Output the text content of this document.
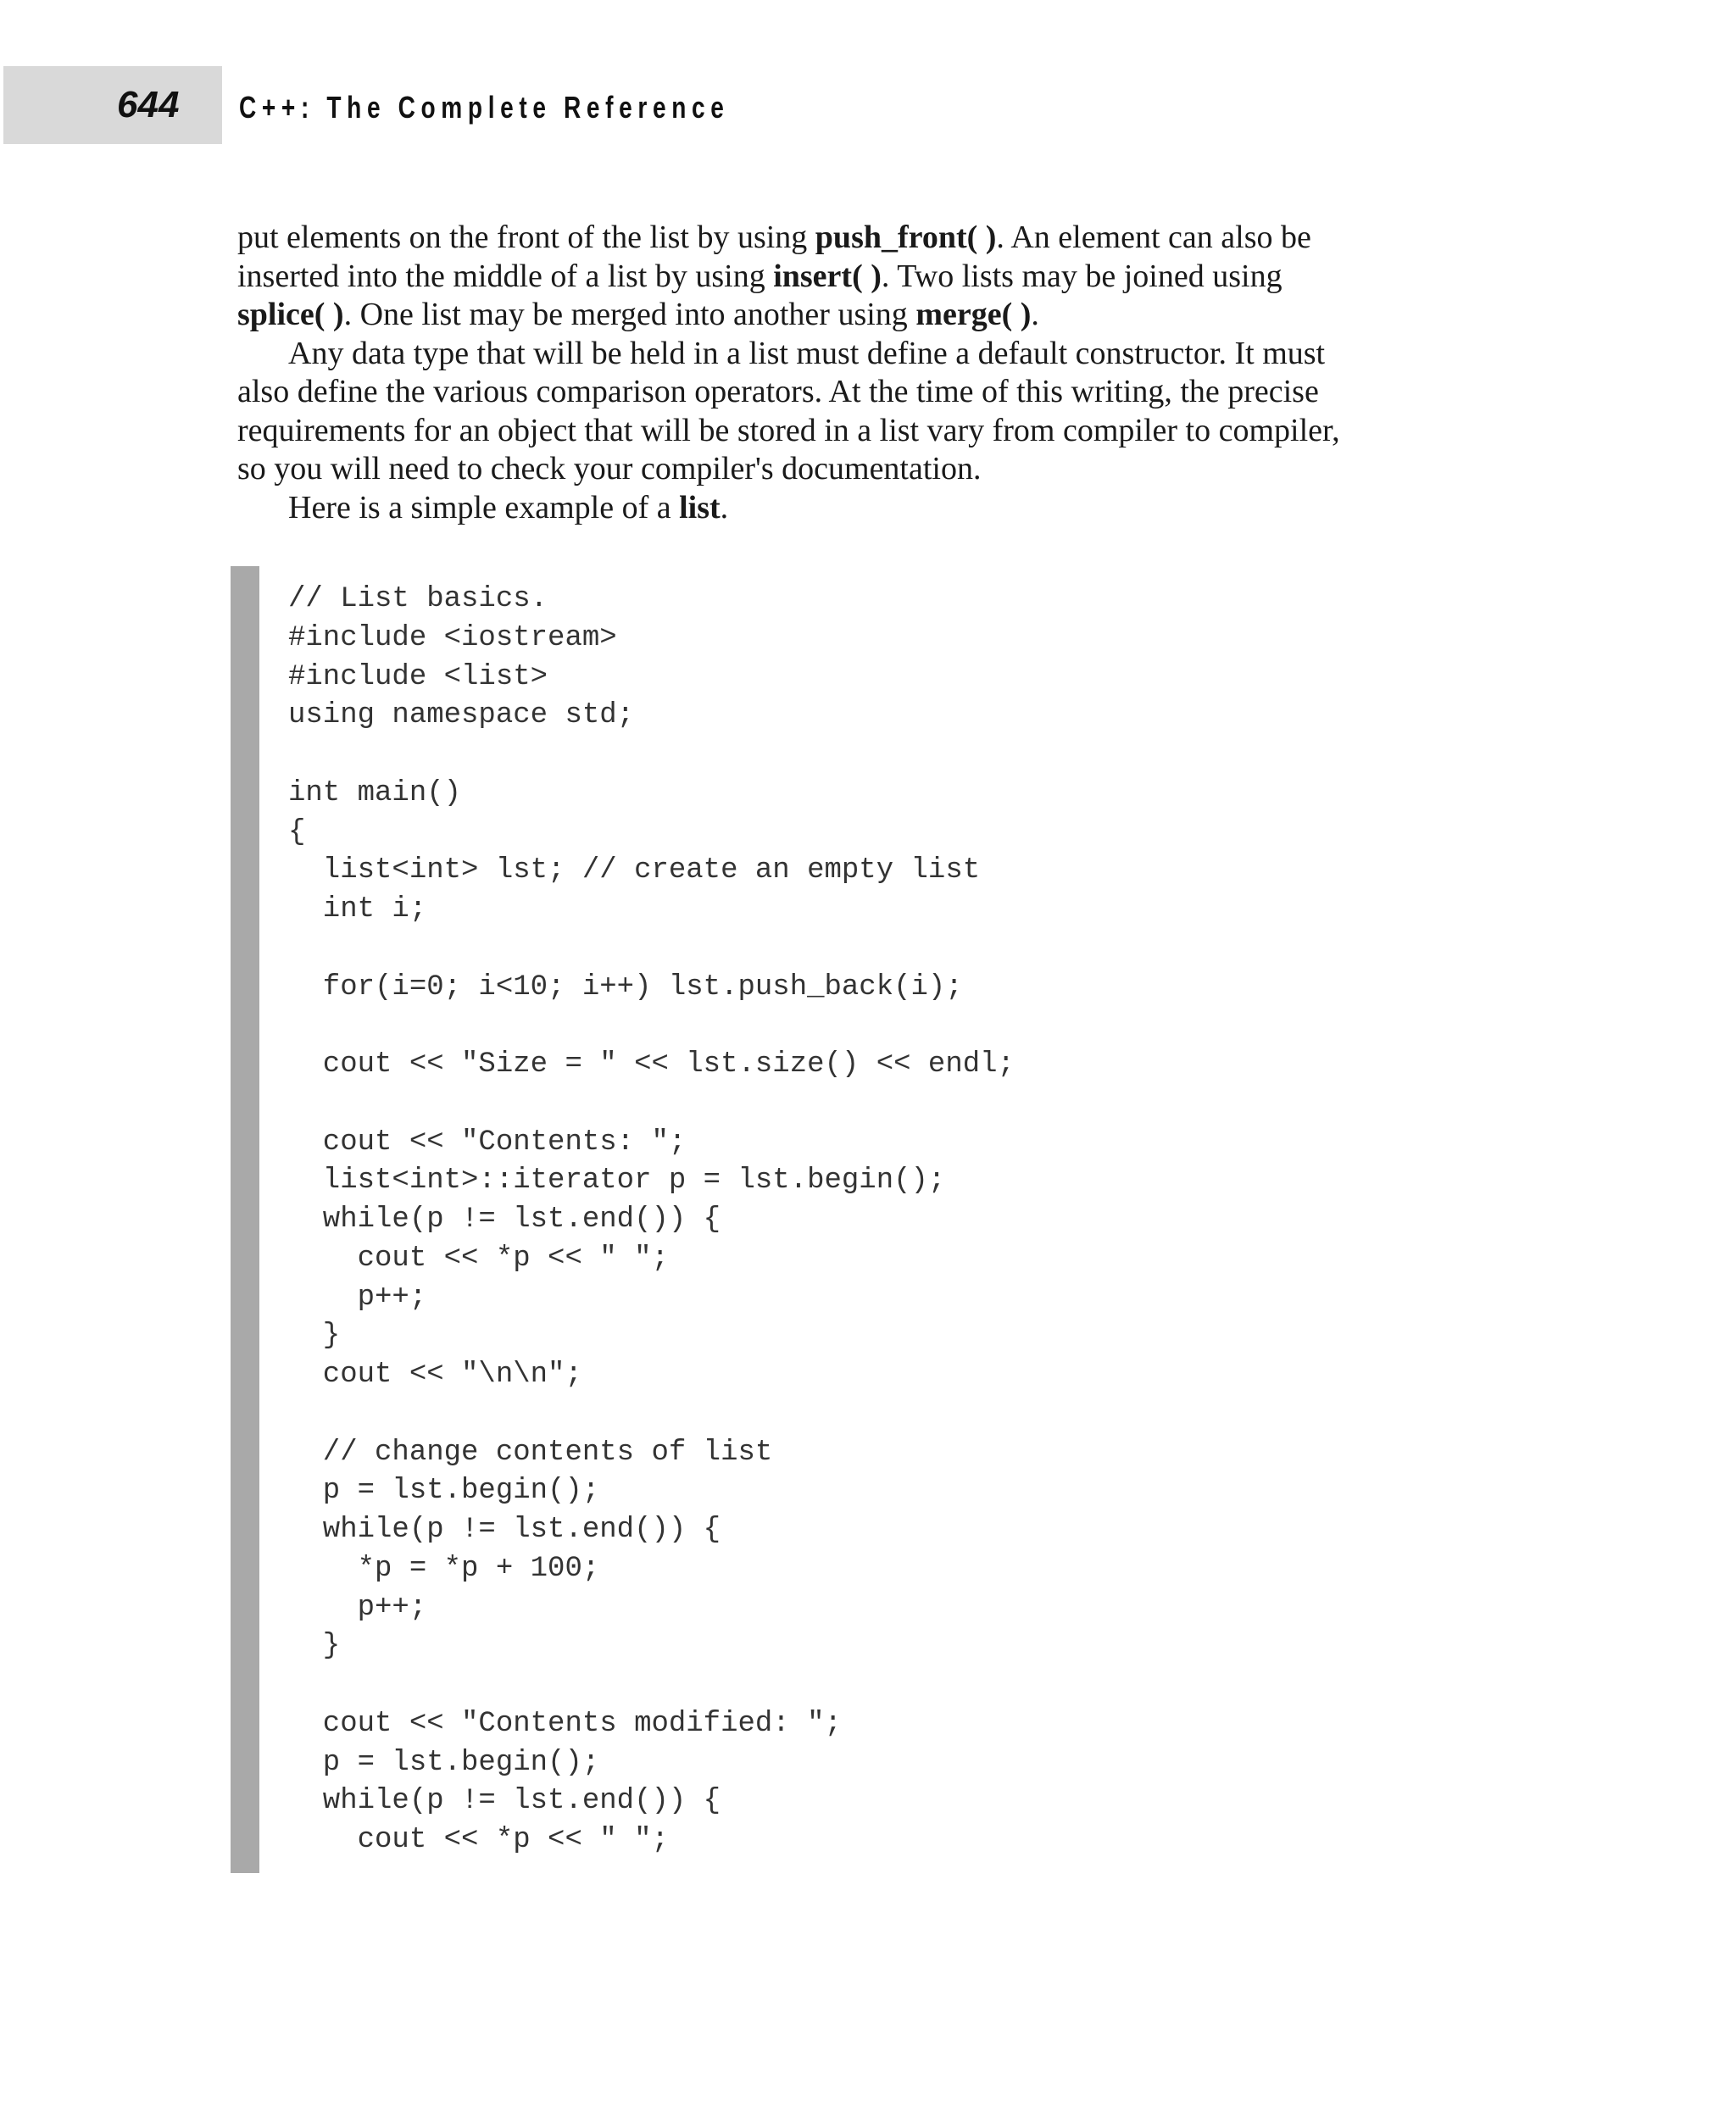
644	C++: The Complete Reference

put elements on the front of the list by using push_front( ). An element can also be
inserted into the middle of a list by using insert( ). Two lists may be joined using
splice( ). One list may be merged into another using merge( ).

Any data type that will be held in a list must define a default constructor. It must
also define the various comparison operators. At the time of this writing, the precise
requirements for an object that will be stored in a list vary from compiler to compiler,
so you will need to check your compiler's documentation.

Here is a simple example of a list.

// List basics.
#include <iostream>
#include <list>
using namespace std;
int main()
{
list<int> lst; // create an empty list
int i;
for(i=0; i<10; i++) lst.push_back(i);
cout << "Size = " << lst.size() << endl;
cout << "Contents: ";
list<int>::iterator p = lst.begin();
while(p != lst.end()) {
cout << *p << " ";
p++;
}
cout << "\n\n";
// change contents of list
p = lst.begin();
while(p != lst.end()) {
*p = *p + 100;
p++;
}
cout << "Contents modified: ";
p = lst.begin();
while(p != lst.end()) {
cout << *p << " ";
